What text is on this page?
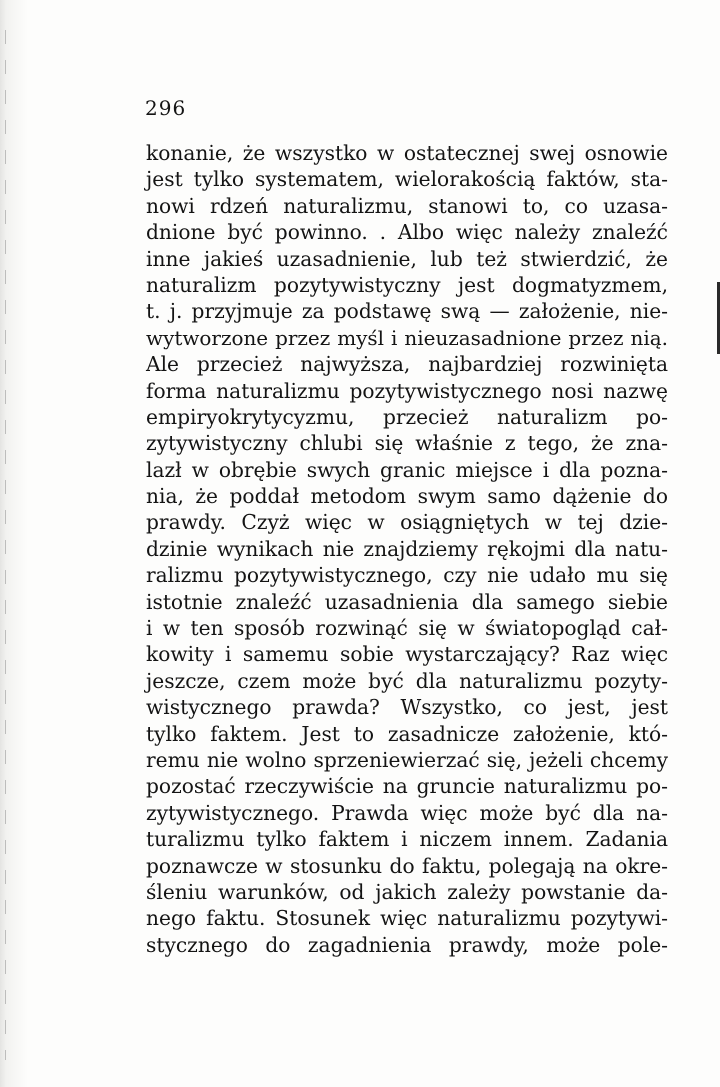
296
konanie, że wszystko w ostatecznej swej osnowie
jest tylko systematem, wielorakością faktów, sta-
nowi rdzeń naturalizmu, stanowi to, co uzasa-
dnione być powinno. . Albo więc należy znaleźć
inne jakieś uzasadnienie, lub też stwierdzić, że
naturalizm pozytywistyczny jest dogmatyzmem,
t. j. przyjmuje za podstawę swą — założenie, nie-
wytworzone przez myśl i nieuzasadnione przez nią.
Ale przecież najwyższa, najbardziej rozwinięta
forma naturalizmu pozytywistycznego nosi nazwę
empiryokrytycyzmu, przecież naturalizm po-
zytywistyczny chlubi się właśnie z tego, że zna-
lazł w obrębie swych granic miejsce i dla pozna-
nia, że poddał metodom swym samo dążenie do
prawdy. Czyż więc w osiągniętych w tej dzie-
dzinie wynikach nie znajdziemy rękojmi dla natu-
ralizmu pozytywistycznego, czy nie udało mu się
istotnie znaleźć uzasadnienia dla samego siebie
i w ten sposób rozwinąć się w światopogląd cał-
kowity i samemu sobie wystarczający? Raz więc
jeszcze, czem może być dla naturalizmu pozyty-
wistycznego prawda? Wszystko, co jest, jest
tylko faktem. Jest to zasadnicze założenie, któ-
remu nie wolno sprzeniewierzać się, jeżeli chcemy
pozostać rzeczywiście na gruncie naturalizmu po-
zytywistycznego. Prawda więc może być dla na-
turalizmu tylko faktem i niczem innem. Zadania
poznawcze w stosunku do faktu, polegają na okre-
śleniu warunków, od jakich zależy powstanie da-
nego faktu. Stosunek więc naturalizmu pozytywi-
stycznego do zagadnienia prawdy, może pole-
